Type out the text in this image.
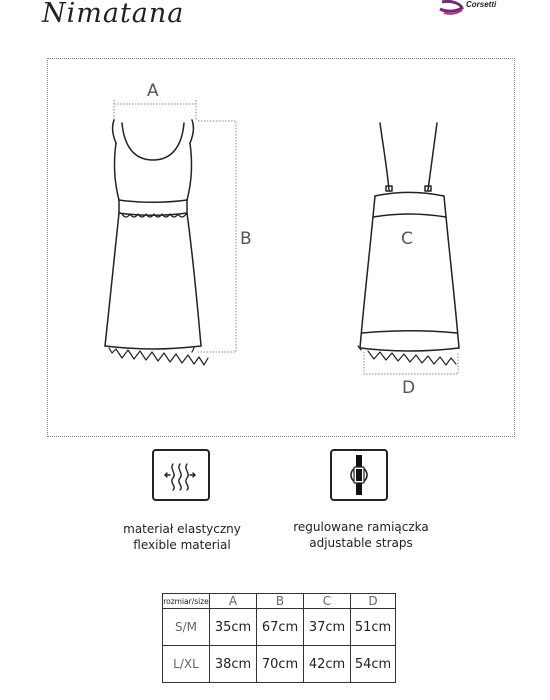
Nimatana	Corsetti
A
B	C
D
materiał elastyczny
flexible material
regulowane ramiączka
adjustable straps
rozmiar/size	A	B	C	D
S/M	35cm	67cm	37cm	51cm
L/XL	38cm	70cm	42cm	54cm
